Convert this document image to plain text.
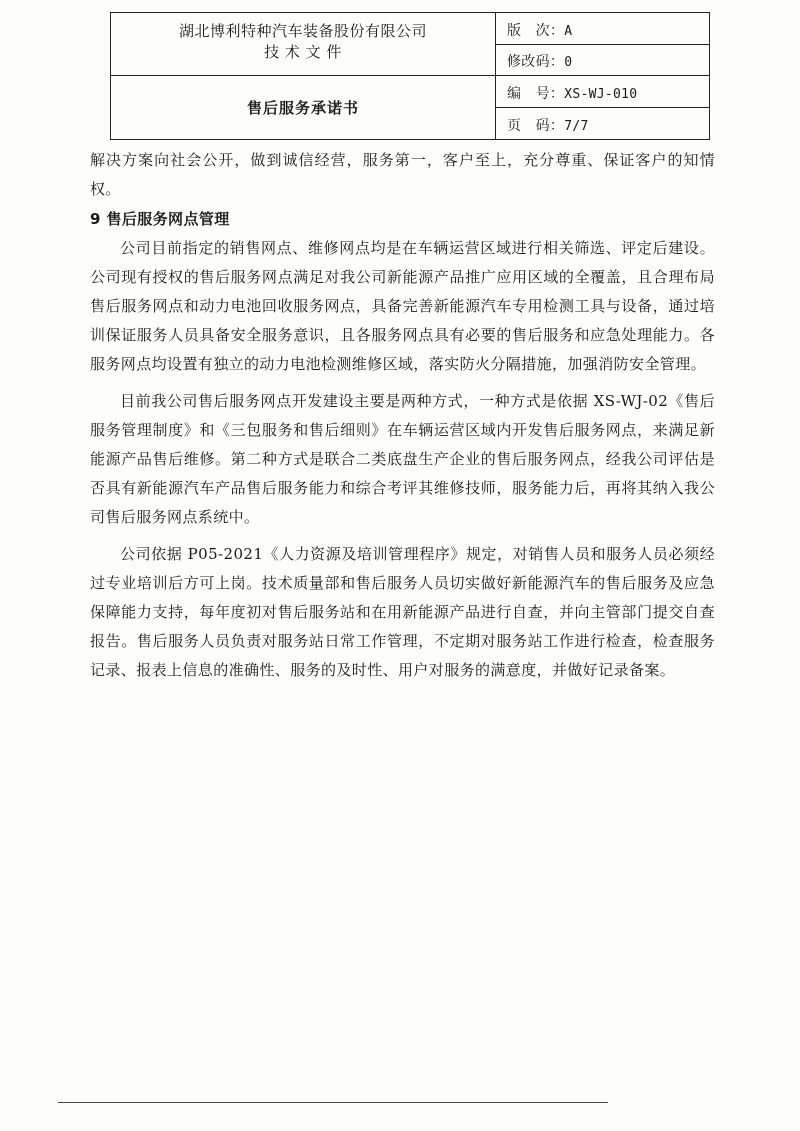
湖北博利特种汽车装备股份有限公司
技 术 文 件
售后服务承诺书
版　次：A
修改码：0
编　号：XS-WJ-010
页　码：7/7

解决方案向社会公开，做到诚信经营，服务第一，客户至上，充分尊重、保证客户的知情权。

9 售后服务网点管理

公司目前指定的销售网点、维修网点均是在车辆运营区域进行相关筛选、评定后建设。公司现有授权的售后服务网点满足对我公司新能源产品推广应用区域的全覆盖，且合理布局售后服务网点和动力电池回收服务网点，具备完善新能源汽车专用检测工具与设备，通过培训保证服务人员具备安全服务意识，且各服务网点具有必要的售后服务和应急处理能力。各服务网点均设置有独立的动力电池检测维修区域，落实防火分隔措施，加强消防安全管理。

目前我公司售后服务网点开发建设主要是两种方式，一种方式是依据 XS-WJ-02《售后服务管理制度》和《三包服务和售后细则》在车辆运营区域内开发售后服务网点，来满足新能源产品售后维修。第二种方式是联合二类底盘生产企业的售后服务网点，经我公司评估是否具有新能源汽车产品售后服务能力和综合考评其维修技师，服务能力后，再将其纳入我公司售后服务网点系统中。

公司依据 P05-2021《人力资源及培训管理程序》规定，对销售人员和服务人员必须经过专业培训后方可上岗。技术质量部和售后服务人员切实做好新能源汽车的售后服务及应急保障能力支持，每年度初对售后服务站和在用新能源产品进行自查，并向主管部门提交自查报告。售后服务人员负责对服务站日常工作管理，不定期对服务站工作进行检查，检查服务记录、报表上信息的准确性、服务的及时性、用户对服务的满意度，并做好记录备案。
